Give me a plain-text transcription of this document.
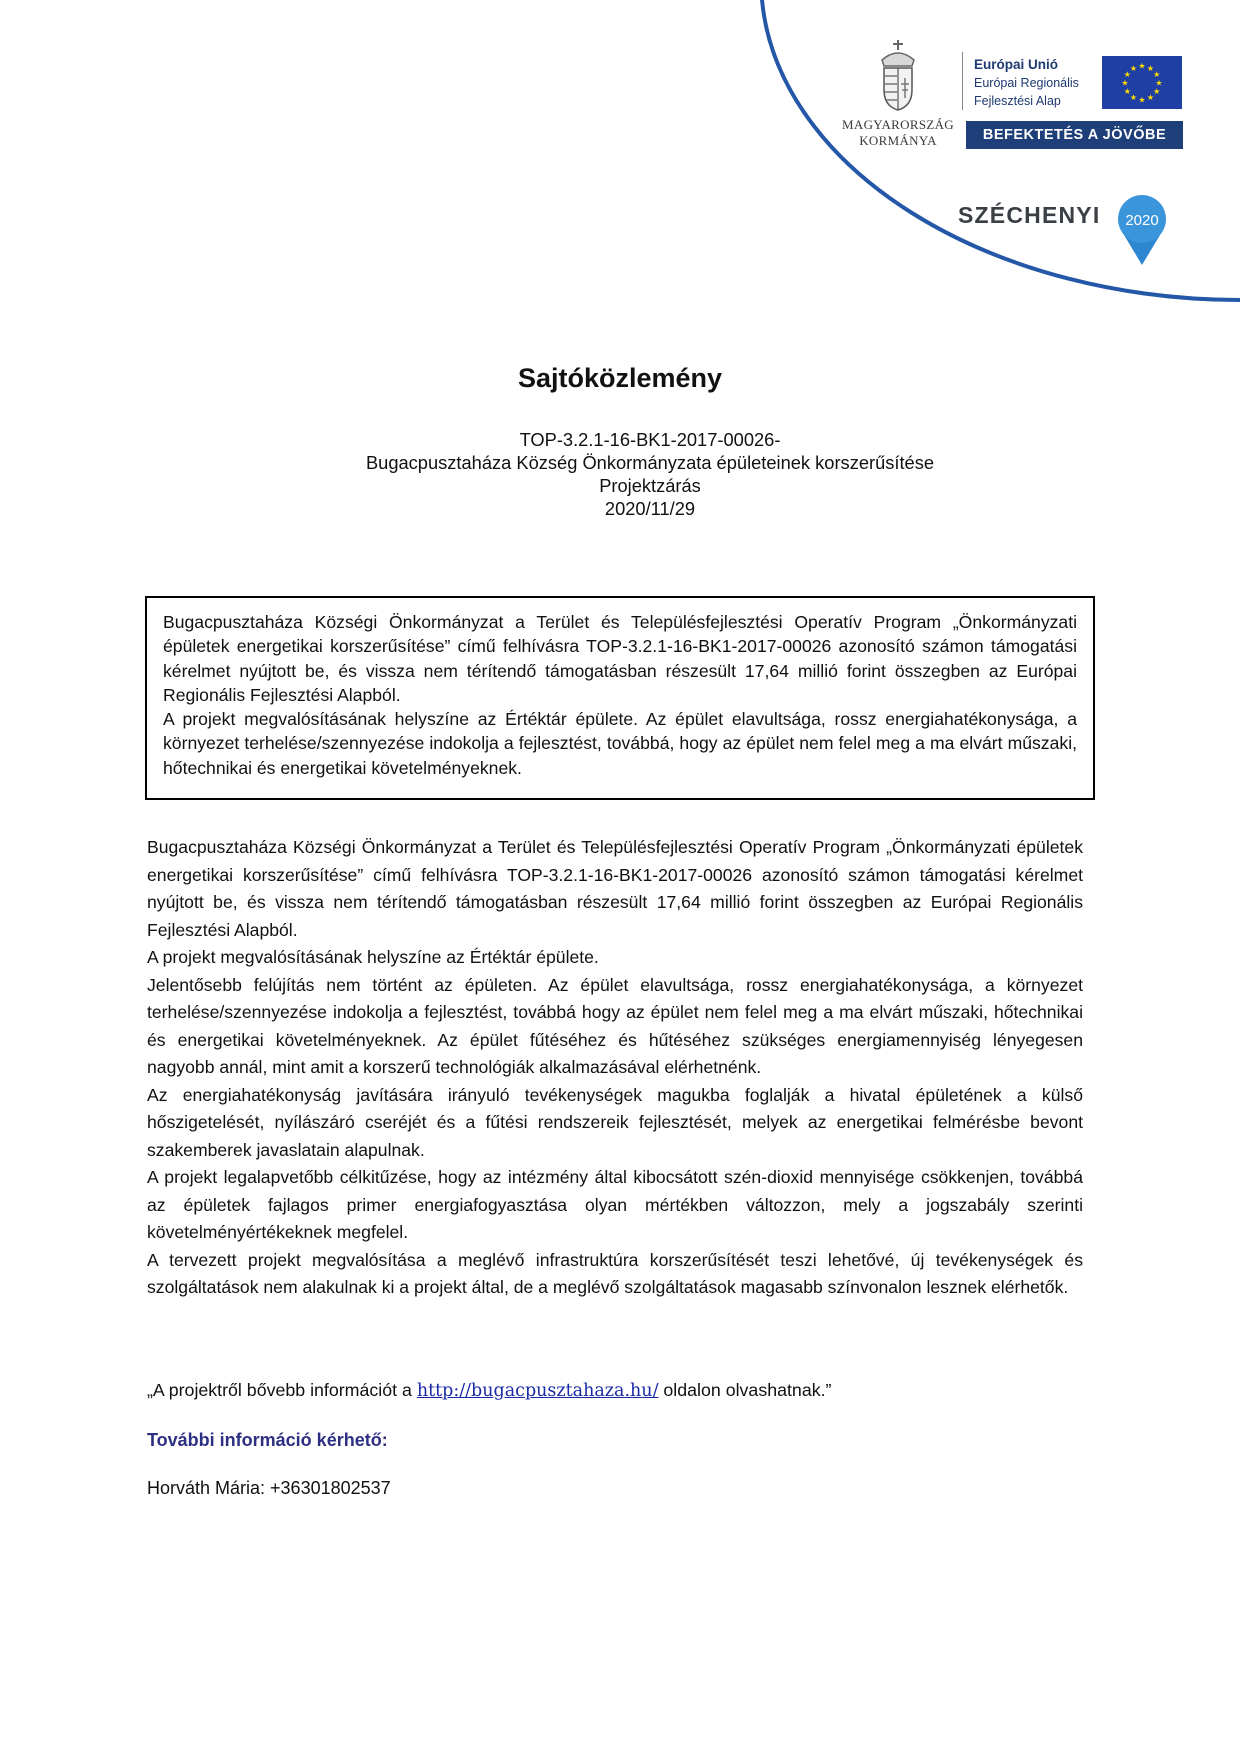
MAGYARORSZÁG
KORMÁNYA
Európai Unió
Európai Regionális
Fejlesztési Alap
★ ★
★
★
★
★
★
★
★
★
★
★
BEFEKTETÉS A JÖVŐBE
SZÉCHENYI 2020
Sajtóközlemény
TOP-3.2.1-16-BK1-2017-00026-
Bugacpusztaháza Község Önkormányzata épületeinek korszerűsítése
Projektzárás
2020/11/29
Bugacpusztaháza Községi Önkormányzat a Terület és Településfejlesztési Operatív Program „Önkormányzati épületek energetikai korszerűsítése” című felhívásra TOP-3.2.1-16-BK1-2017-00026 azonosító számon támogatási kérelmet nyújtott be, és vissza nem térítendő támogatásban részesült 17,64 millió forint összegben az Európai Regionális Fejlesztési Alapból.
A projekt megvalósításának helyszíne az Értéktár épülete. Az épület elavultsága, rossz energiahatékonysága, a környezet terhelése/szennyezése indokolja a fejlesztést, továbbá, hogy az épület nem felel meg a ma elvárt műszaki, hőtechnikai és energetikai követelményeknek.

Bugacpusztaháza Községi Önkormányzat a Terület és Településfejlesztési Operatív Program „Önkormányzati épületek energetikai korszerűsítése” című felhívásra TOP-3.2.1-16-BK1-2017-00026 azonosító számon támogatási kérelmet nyújtott be, és vissza nem térítendő támogatásban részesült 17,64 millió forint összegben az Európai Regionális Fejlesztési Alapból.

A projekt megvalósításának helyszíne az Értéktár épülete.

Jelentősebb felújítás nem történt az épületen. Az épület elavultsága, rossz energiahatékonysága, a környezet terhelése/szennyezése indokolja a fejlesztést, továbbá hogy az épület nem felel meg a ma elvárt műszaki, hőtechnikai és energetikai követelményeknek. Az épület fűtéséhez és hűtéséhez szükséges energiamennyiség lényegesen nagyobb annál, mint amit a korszerű technológiák alkalmazásával elérhetnénk.

Az energiahatékonyság javítására irányuló tevékenységek magukba foglalják a hivatal épületének a külső hőszigetelését, nyílászáró cseréjét és a fűtési rendszereik fejlesztését, melyek az energetikai felmérésbe bevont szakemberek javaslatain alapulnak.

A projekt legalapvetőbb célkitűzése, hogy az intézmény által kibocsátott szén-dioxid mennyisége csökkenjen, továbbá az épületek fajlagos primer energiafogyasztása olyan mértékben változzon, mely a jogszabály szerinti követelményértékeknek megfelel.

A tervezett projekt megvalósítása a meglévő infrastruktúra korszerűsítését teszi lehetővé, új tevékenységek és szolgáltatások nem alakulnak ki a projekt által, de a meglévő szolgáltatások magasabb színvonalon lesznek elérhetők.

„A projektről bővebb információt a http://bugacpusztahaza.hu/ oldalon olvashatnak.”
További információ kérhető:
Horváth Mária: +36301802537
